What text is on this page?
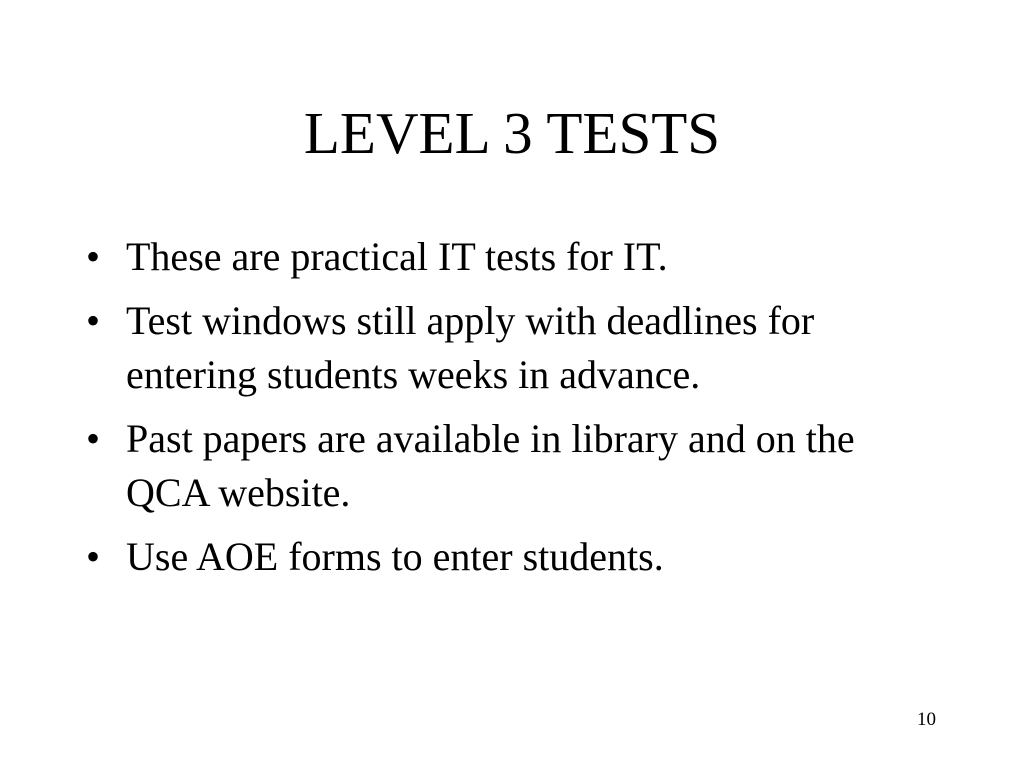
LEVEL 3 TESTS
• These are practical IT tests for IT.
• Test windows still apply with deadlines for entering students weeks in advance.
• Past papers are available in library and on the QCA website.
• Use AOE forms to enter students.
10
